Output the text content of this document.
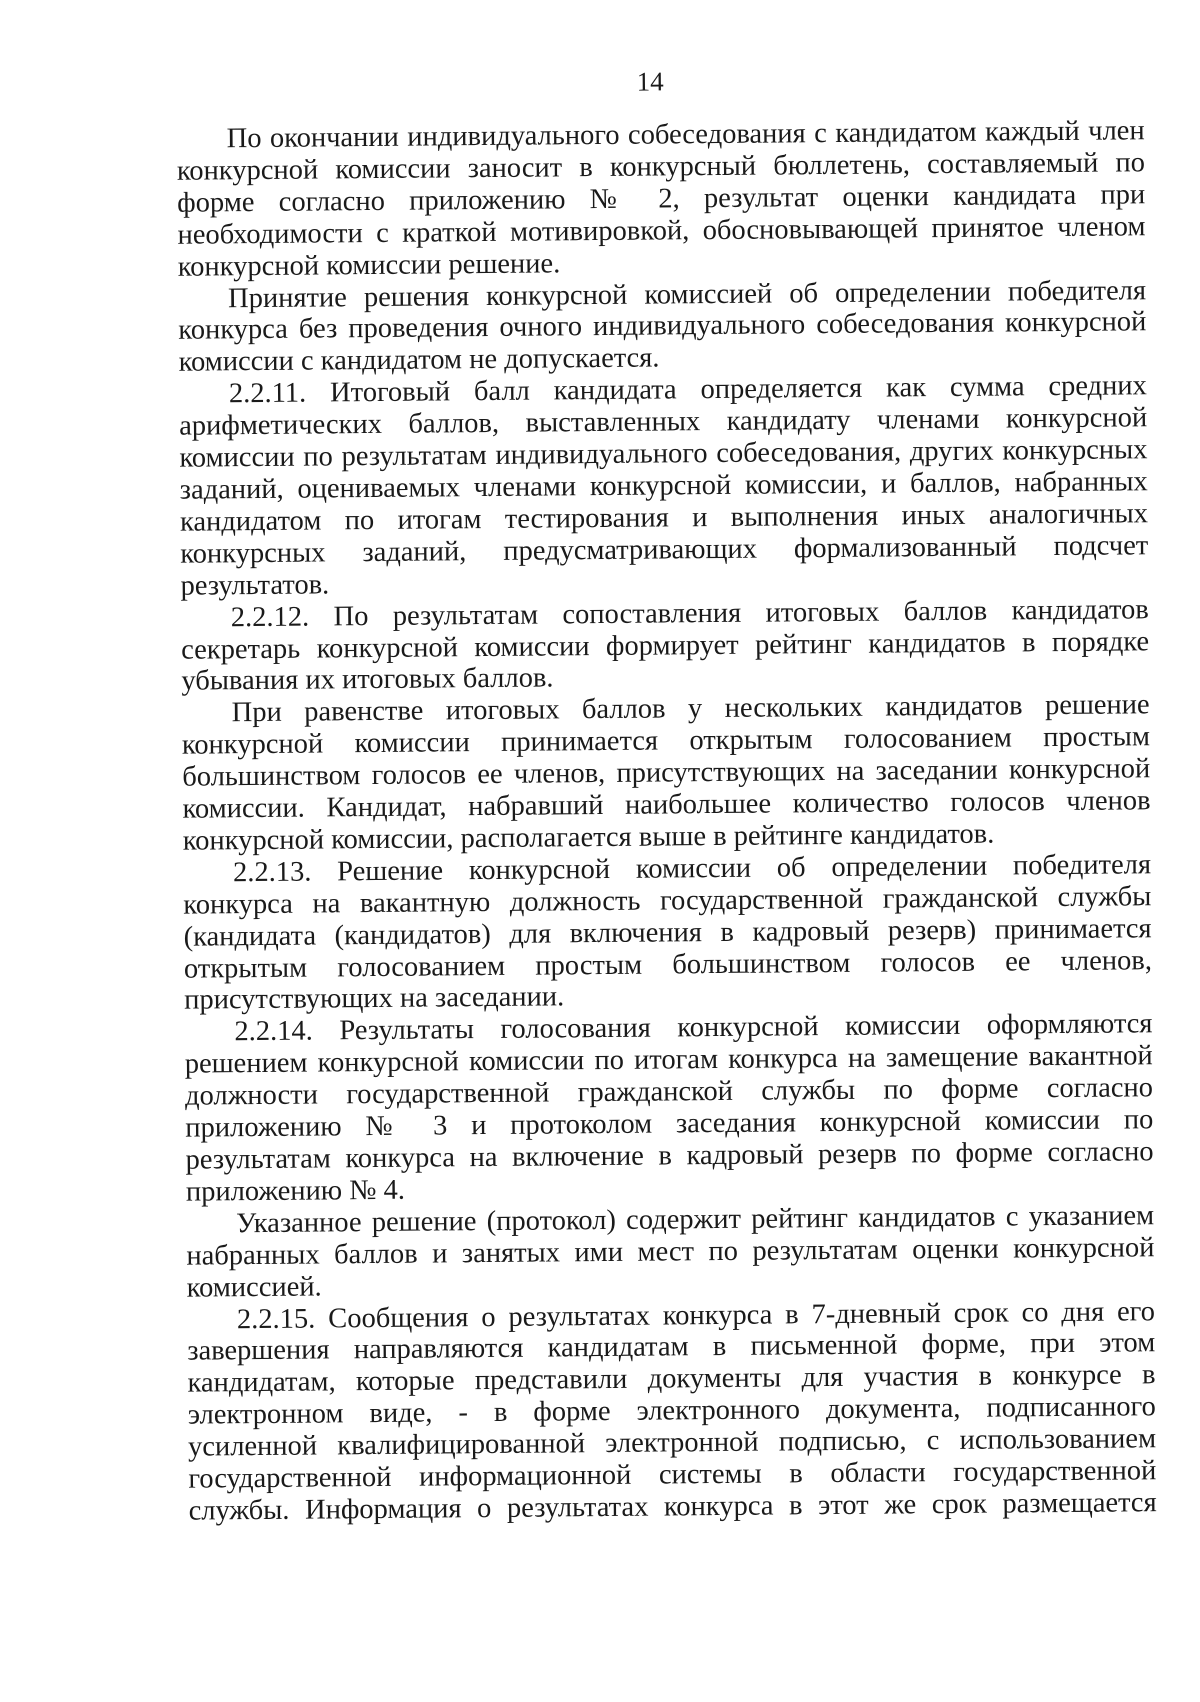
14

По окончании индивидуального собеседования с кандидатом каждый член конкурсной комиссии заносит в конкурсный бюллетень, составляемый по форме согласно приложению № 2, результат оценки кандидата при необходимости с краткой мотивировкой, обосновывающей принятое членом конкурсной комиссии решение.

Принятие решения конкурсной комиссией об определении победителя конкурса без проведения очного индивидуального собеседования конкурсной комиссии с кандидатом не допускается.

2.2.11. Итоговый балл кандидата определяется как сумма средних арифметических баллов, выставленных кандидату членами конкурсной комиссии по результатам индивидуального собеседования, других конкурсных заданий, оцениваемых членами конкурсной комиссии, и баллов, набранных кандидатом по итогам тестирования и выполнения иных аналогичных конкурсных заданий, предусматривающих формализованный подсчет результатов.

2.2.12. По результатам сопоставления итоговых баллов кандидатов секретарь конкурсной комиссии формирует рейтинг кандидатов в порядке убывания их итоговых баллов.

При равенстве итоговых баллов у нескольких кандидатов решение конкурсной комиссии принимается открытым голосованием простым большинством голосов ее членов, присутствующих на заседании конкурсной комиссии. Кандидат, набравший наибольшее количество голосов членов конкурсной комиссии, располагается выше в рейтинге кандидатов.

2.2.13. Решение конкурсной комиссии об определении победителя конкурса на вакантную должность государственной гражданской службы (кандидата (кандидатов) для включения в кадровый резерв) принимается открытым голосованием простым большинством голосов ее членов, присутствующих на заседании.

2.2.14. Результаты голосования конкурсной комиссии оформляются решением конкурсной комиссии по итогам конкурса на замещение вакантной должности государственной гражданской службы по форме согласно приложению № 3 и протоколом заседания конкурсной комиссии по результатам конкурса на включение в кадровый резерв по форме согласно приложению № 4.

Указанное решение (протокол) содержит рейтинг кандидатов с указанием набранных баллов и занятых ими мест по результатам оценки конкурсной комиссией.

2.2.15. Сообщения о результатах конкурса в 7-дневный срок со дня его завершения направляются кандидатам в письменной форме, при этом кандидатам, которые представили документы для участия в конкурсе в электронном виде, - в форме электронного документа, подписанного усиленной квалифицированной электронной подписью, с использованием государственной информационной системы в области государственной службы. Информация о результатах конкурса в этот же срок размещается
